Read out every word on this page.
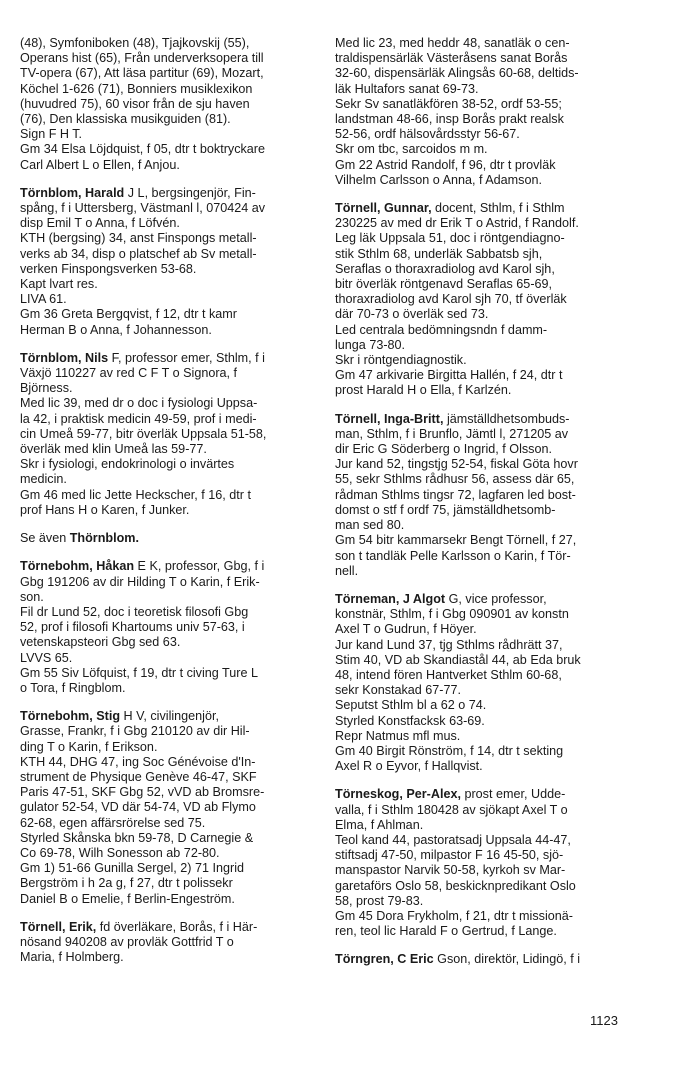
(48), Symfoniboken (48), Tjajkovskij (55),

Operans hist (65), Från underverksopera till

TV-opera (67), Att läsa partitur (69), Mozart,

Köchel 1-626 (71), Bonniers musiklexikon

(huvudred 75), 60 visor från de sju haven

(76), Den klassiska musikguiden (81).

Sign F H T.

Gm 34 Elsa Löjdquist, f 05, dtr t boktryckare

Carl Albert L o Ellen, f Anjou.

Törnblom, Harald J L, bergsingenjör, Fin-

spång, f i Uttersberg, Västmanl l, 070424 av

disp Emil T o Anna, f Löfvén.

KTH (bergsing) 34, anst Finspongs metall-

verks ab 34, disp o platschef ab Sv metall-

verken Finspongsverken 53-68.

Kapt lvart res.

LIVA 61.

Gm 36 Greta Bergqvist, f 12, dtr t kamr

Herman B o Anna, f Johannesson.

Törnblom, Nils F, professor emer, Sthlm, f i

Växjö 110227 av red C F T o Signora, f

Björness.

Med lic 39, med dr o doc i fysiologi Uppsa-

la 42, i praktisk medicin 49-59, prof i medi-

cin Umeå 59-77, bitr överläk Uppsala 51-58,

överläk med klin Umeå las 59-77.

Skr i fysiologi, endokrinologi o invärtes

medicin.

Gm 46 med lic Jette Heckscher, f 16, dtr t

prof Hans H o Karen, f Junker.

Se även Thörnblom.

Törnebohm, Håkan E K, professor, Gbg, f i

Gbg 191206 av dir Hilding T o Karin, f Erik-

son.

Fil dr Lund 52, doc i teoretisk filosofi Gbg

52, prof i filosofi Khartoums univ 57-63, i

vetenskapsteori Gbg sed 63.

LVVS 65.

Gm 55 Siv Löfquist, f 19, dtr t civing Ture L

o Tora, f Ringblom.

Törnebohm, Stig H V, civilingenjör,

Grasse, Frankr, f i Gbg 210120 av dir Hil-

ding T o Karin, f Erikson.

KTH 44, DHG 47, ing Soc Génévoise d'In-

strument de Physique Genève 46-47, SKF

Paris 47-51, SKF Gbg 52, vVD ab Bromsre-

gulator 52-54, VD där 54-74, VD ab Flymo

62-68, egen affärsrörelse sed 75.

Styrled Skånska bkn 59-78, D Carnegie &

Co 69-78, Wilh Sonesson ab 72-80.

Gm 1) 51-66 Gunilla Sergel, 2) 71 Ingrid

Bergström i h 2a g, f 27, dtr t polissekr

Daniel B o Emelie, f Berlin-Engeström.

Törnell, Erik, fd överläkare, Borås, f i Här-

nösand 940208 av provläk Gottfrid T o

Maria, f Holmberg.

Med lic 23, med heddr 48, sanatläk o cen-

traldispensärläk Västeråsens sanat Borås

32-60, dispensärläk Alingsås 60-68, deltids-

läk Hultafors sanat 69-73.

Sekr Sv sanatläkfören 38-52, ordf 53-55;

landstman 48-66, insp Borås prakt realsk

52-56, ordf hälsovårdsstyr 56-67.

Skr om tbc, sarcoidos m m.

Gm 22 Astrid Randolf, f 96, dtr t provläk

Vilhelm Carlsson o Anna, f Adamson.

Törnell, Gunnar, docent, Sthlm, f i Sthlm

230225 av med dr Erik T o Astrid, f Randolf.

Leg läk Uppsala 51, doc i röntgendiagno-

stik Sthlm 68, underläk Sabbatsb sjh,

Seraflas o thoraxradiolog avd Karol sjh,

bitr överläk röntgenavd Seraflas 65-69,

thoraxradiolog avd Karol sjh 70, tf överläk

där 70-73 o överläk sed 73.

Led centrala bedömningsndn f damm-

lunga 73-80.

Skr i röntgendiagnostik.

Gm 47 arkivarie Birgitta Hallén, f 24, dtr t

prost Harald H o Ella, f Karlzén.

Törnell, Inga-Britt, jämställdhetsombuds-

man, Sthlm, f i Brunflo, Jämtl l, 271205 av

dir Eric G Söderberg o Ingrid, f Olsson.

Jur kand 52, tingstjg 52-54, fiskal Göta hovr

55, sekr Sthlms rådhusr 56, assess där 65,

rådman Sthlms tingsr 72, lagfaren led bost-

domst o stf f ordf 75, jämställdhetsomb-

man sed 80.

Gm 54 bitr kammarsekr Bengt Törnell, f 27,

son t tandläk Pelle Karlsson o Karin, f Tör-

nell.

Törneman, J Algot G, vice professor,

konstnär, Sthlm, f i Gbg 090901 av konstn

Axel T o Gudrun, f Höyer.

Jur kand Lund 37, tjg Sthlms rådhrätt 37,

Stim 40, VD ab Skandiastål 44, ab Eda bruk

48, intend fören Hantverket Sthlm 60-68,

sekr Konstakad 67-77.

Seputst Sthlm bl a 62 o 74.

Styrled Konstfacksk 63-69.

Repr Natmus mfl mus.

Gm 40 Birgit Rönström, f 14, dtr t sekting

Axel R o Eyvor, f Hallqvist.

Törneskog, Per-Alex, prost emer, Udde-

valla, f i Sthlm 180428 av sjökapt Axel T o

Elma, f Ahlman.

Teol kand 44, pastoratsadj Uppsala 44-47,

stiftsadj 47-50, milpastor F 16 45-50, sjö-

manspastor Narvik 50-58, kyrkoh sv Mar-

garetaförs Oslo 58, beskicknpredikant Oslo

58, prost 79-83.

Gm 45 Dora Frykholm, f 21, dtr t missionä-

ren, teol lic Harald F o Gertrud, f Lange.

Törngren, C Eric Gson, direktör, Lidingö, f i

1123
